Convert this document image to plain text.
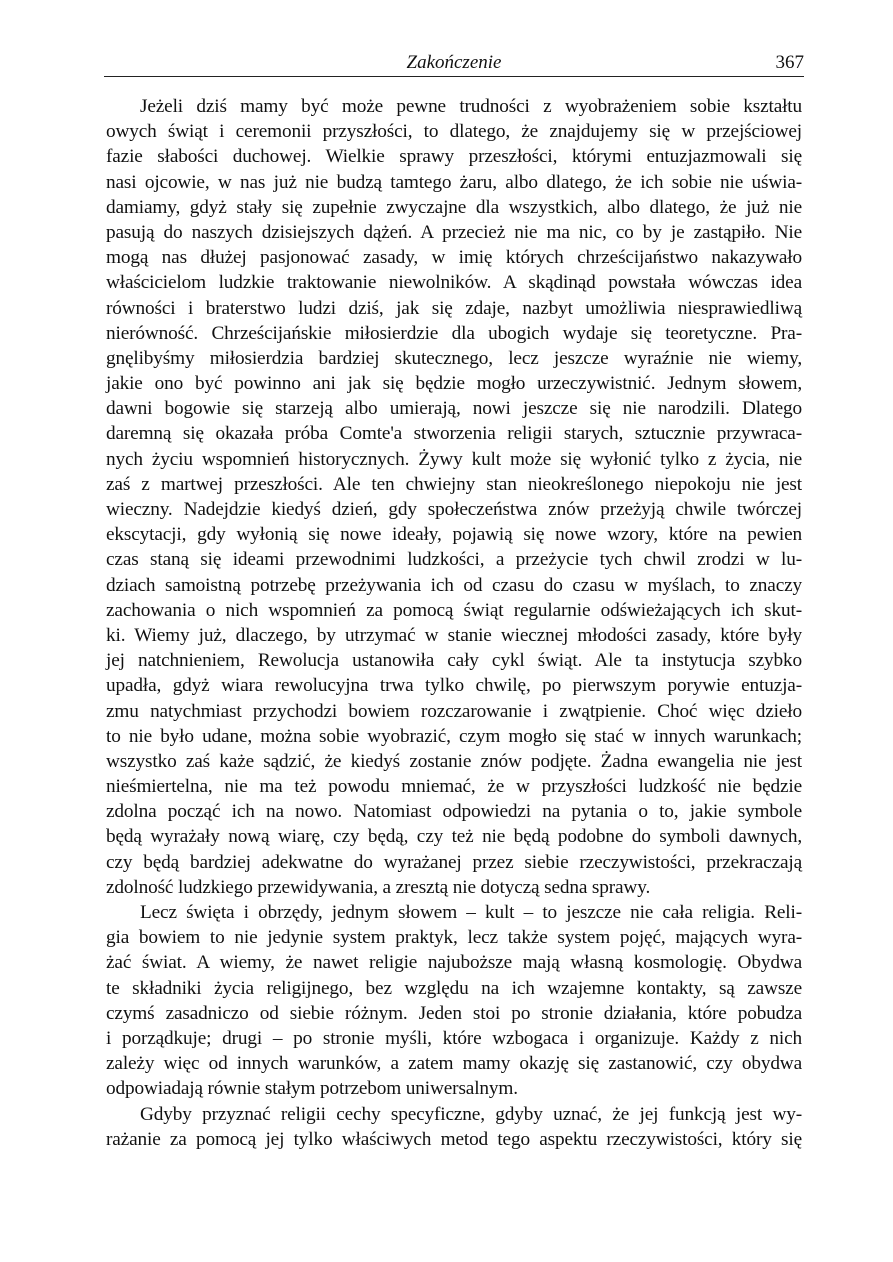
Zakończenie	367
Jeżeli dziś mamy być może pewne trudności z wyobrażeniem sobie kształtu
owych świąt i ceremonii przyszłości, to dlatego, że znajdujemy się w przejściowej
fazie słabości duchowej. Wielkie sprawy przeszłości, którymi entuzjazmowali się
nasi ojcowie, w nas już nie budzą tamtego żaru, albo dlatego, że ich sobie nie uświa-
damiamy, gdyż stały się zupełnie zwyczajne dla wszystkich, albo dlatego, że już nie
pasują do naszych dzisiejszych dążeń. A przecież nie ma nic, co by je zastąpiło. Nie
mogą nas dłużej pasjonować zasady, w imię których chrześcijaństwo nakazywało
właścicielom ludzkie traktowanie niewolników. A skądinąd powstała wówczas idea
równości i braterstwo ludzi dziś, jak się zdaje, nazbyt umożliwia niesprawiedliwą
nierówność. Chrześcijańskie miłosierdzie dla ubogich wydaje się teoretyczne. Pra-
gnęlibyśmy miłosierdzia bardziej skutecznego, lecz jeszcze wyraźnie nie wiemy,
jakie ono być powinno ani jak się będzie mogło urzeczywistnić. Jednym słowem,
dawni bogowie się starzeją albo umierają, nowi jeszcze się nie narodzili. Dlatego
daremną się okazała próba Comte'a stworzenia religii starych, sztucznie przywraca-
nych życiu wspomnień historycznych. Żywy kult może się wyłonić tylko z życia, nie
zaś z martwej przeszłości. Ale ten chwiejny stan nieokreślonego niepokoju nie jest
wieczny. Nadejdzie kiedyś dzień, gdy społeczeństwa znów przeżyją chwile twórczej
ekscytacji, gdy wyłonią się nowe ideały, pojawią się nowe wzory, które na pewien
czas staną się ideami przewodnimi ludzkości, a przeżycie tych chwil zrodzi w lu-
dziach samoistną potrzebę przeżywania ich od czasu do czasu w myślach, to znaczy
zachowania o nich wspomnień za pomocą świąt regularnie odświeżających ich skut-
ki. Wiemy już, dlaczego, by utrzymać w stanie wiecznej młodości zasady, które były
jej natchnieniem, Rewolucja ustanowiła cały cykl świąt. Ale ta instytucja szybko
upadła, gdyż wiara rewolucyjna trwa tylko chwilę, po pierwszym porywie entuzja-
zmu natychmiast przychodzi bowiem rozczarowanie i zwątpienie. Choć więc dzieło
to nie było udane, można sobie wyobrazić, czym mogło się stać w innych warunkach;
wszystko zaś każe sądzić, że kiedyś zostanie znów podjęte. Żadna ewangelia nie jest
nieśmiertelna, nie ma też powodu mniemać, że w przyszłości ludzkość nie będzie
zdolna począć ich na nowo. Natomiast odpowiedzi na pytania o to, jakie symbole
będą wyrażały nową wiarę, czy będą, czy też nie będą podobne do symboli dawnych,
czy będą bardziej adekwatne do wyrażanej przez siebie rzeczywistości, przekraczają
zdolność ludzkiego przewidywania, a zresztą nie dotyczą sedna sprawy.
Lecz święta i obrzędy, jednym słowem – kult – to jeszcze nie cała religia. Reli-
gia bowiem to nie jedynie system praktyk, lecz także system pojęć, mających wyra-
żać świat. A wiemy, że nawet religie najuboższe mają własną kosmologię. Obydwa
te składniki życia religijnego, bez względu na ich wzajemne kontakty, są zawsze
czymś zasadniczo od siebie różnym. Jeden stoi po stronie działania, które pobudza
i porządkuje; drugi – po stronie myśli, które wzbogaca i organizuje. Każdy z nich
zależy więc od innych warunków, a zatem mamy okazję się zastanowić, czy obydwa
odpowiadają równie stałym potrzebom uniwersalnym.
Gdyby przyznać religii cechy specyficzne, gdyby uznać, że jej funkcją jest wy-
rażanie za pomocą jej tylko właściwych metod tego aspektu rzeczywistości, który się
